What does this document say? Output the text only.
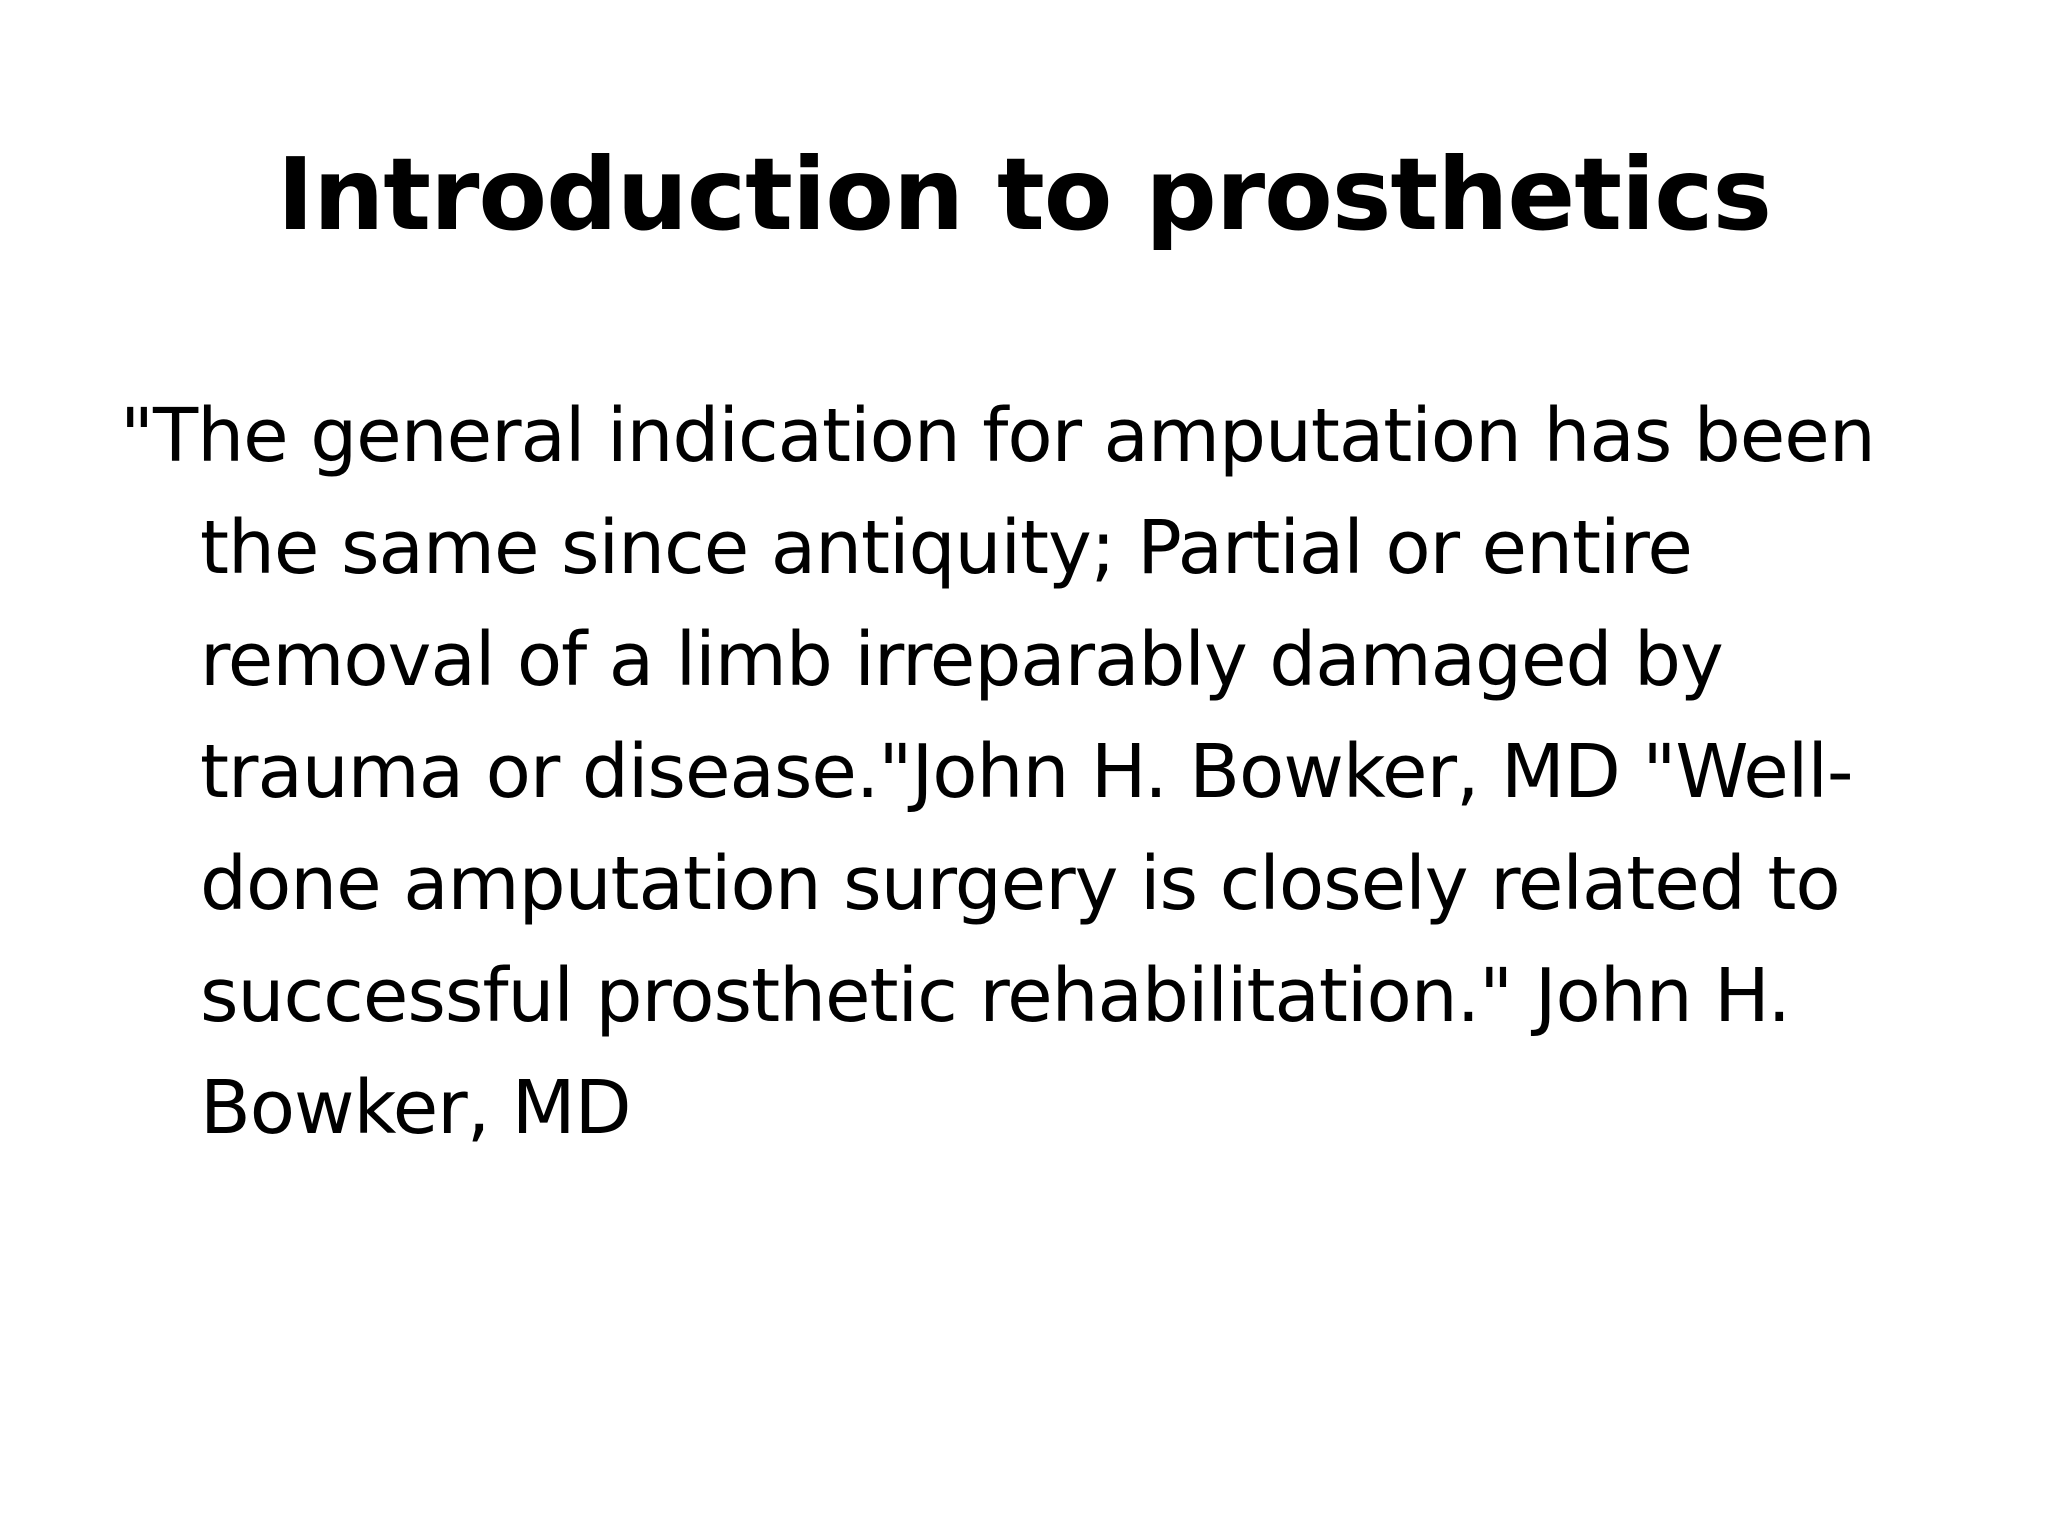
Introduction to prosthetics

"The general indication for amputation has been the same since antiquity; Partial or entire removal of a limb irreparably damaged by trauma or disease."John H. Bowker, MD "Well-done amputation surgery is closely related to successful prosthetic rehabilitation." John H. Bowker, MD
